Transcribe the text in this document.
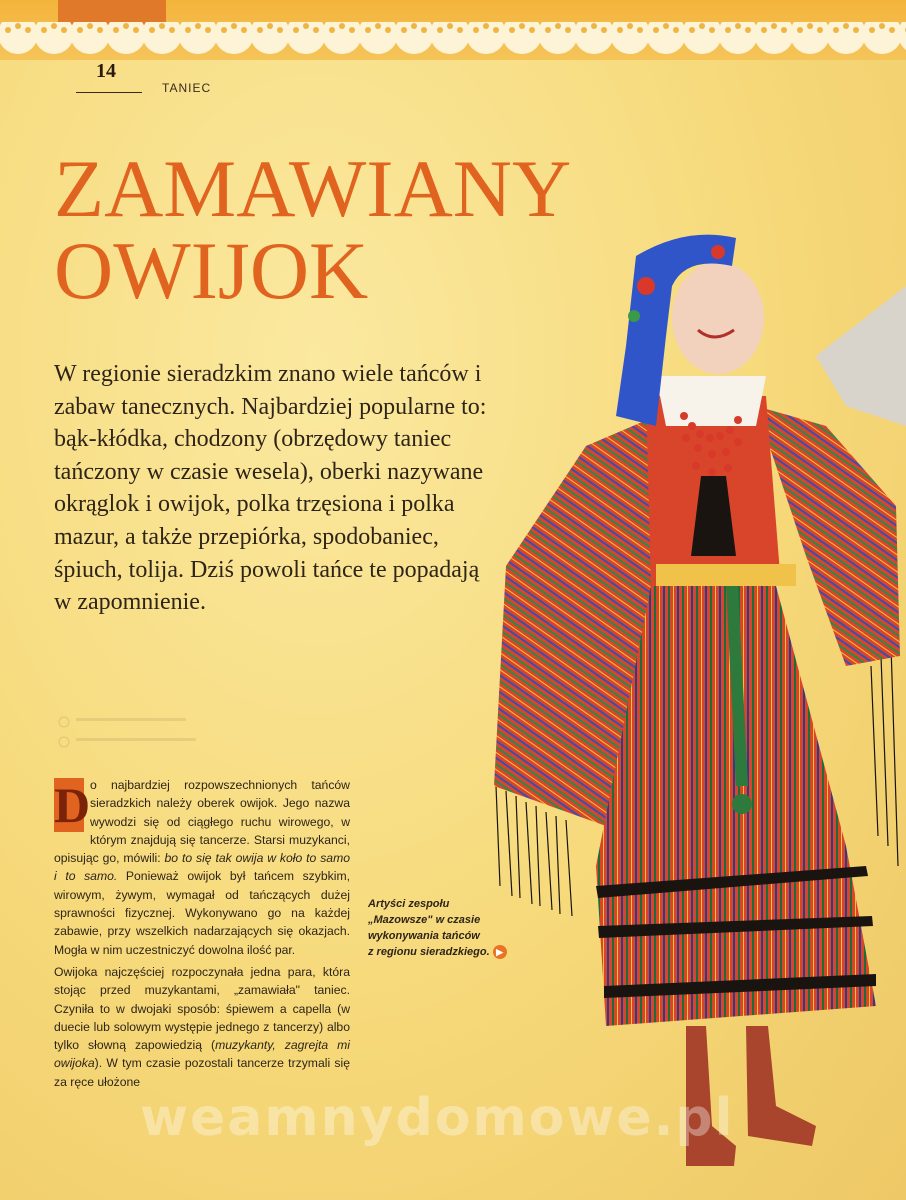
14
TANIEC
ZAMAWIANY
OWIJOK

W regionie sieradzkim znano wiele tańców i zabaw tanecznych. Najbardziej popularne to: bąk-kłódka, chodzony (obrzędowy taniec tańczony w czasie wesela), oberki nazywane okrąglok i owijok, polka trzęsiona i polka mazur, a także przepiórka, spodobaniec, śpiuch, tolija. Dziś powoli tańce te popadają w zapomnienie.

D o najbardziej rozpowszechnionych tańców sieradzkich należy oberek owijok. Jego nazwa wywodzi się od ciągłego ruchu wirowego, w którym znajdują się tancerze. Starsi muzykanci, opisując go, mówili: bo to się tak owija w koło to samo i to samo. Ponieważ owijok był tańcem szybkim, wirowym, żywym, wymagał od tańczących dużej sprawności fizycznej. Wykonywano go na każdej zabawie, przy wszelkich nadarzających się okazjach. Mogła w nim uczestniczyć dowolna ilość par.

Owijoka najczęściej rozpoczynała jedna para, która stojąc przed muzykantami, „zamawiała" taniec. Czyniła to w dwojaki sposób: śpiewem a capella (w duecie lub solowym występie jednego z tancerzy) albo tylko słowną zapowiedzią (muzykanty, zagrejta mi owijoka). W tym czasie pozostali tancerze trzymali się za ręce ułożone

Artyści zespołu
„Mazowsze" w czasie
wykonywania tańców
z regionu sieradzkiego. ▶
weamnydomowe.pl
